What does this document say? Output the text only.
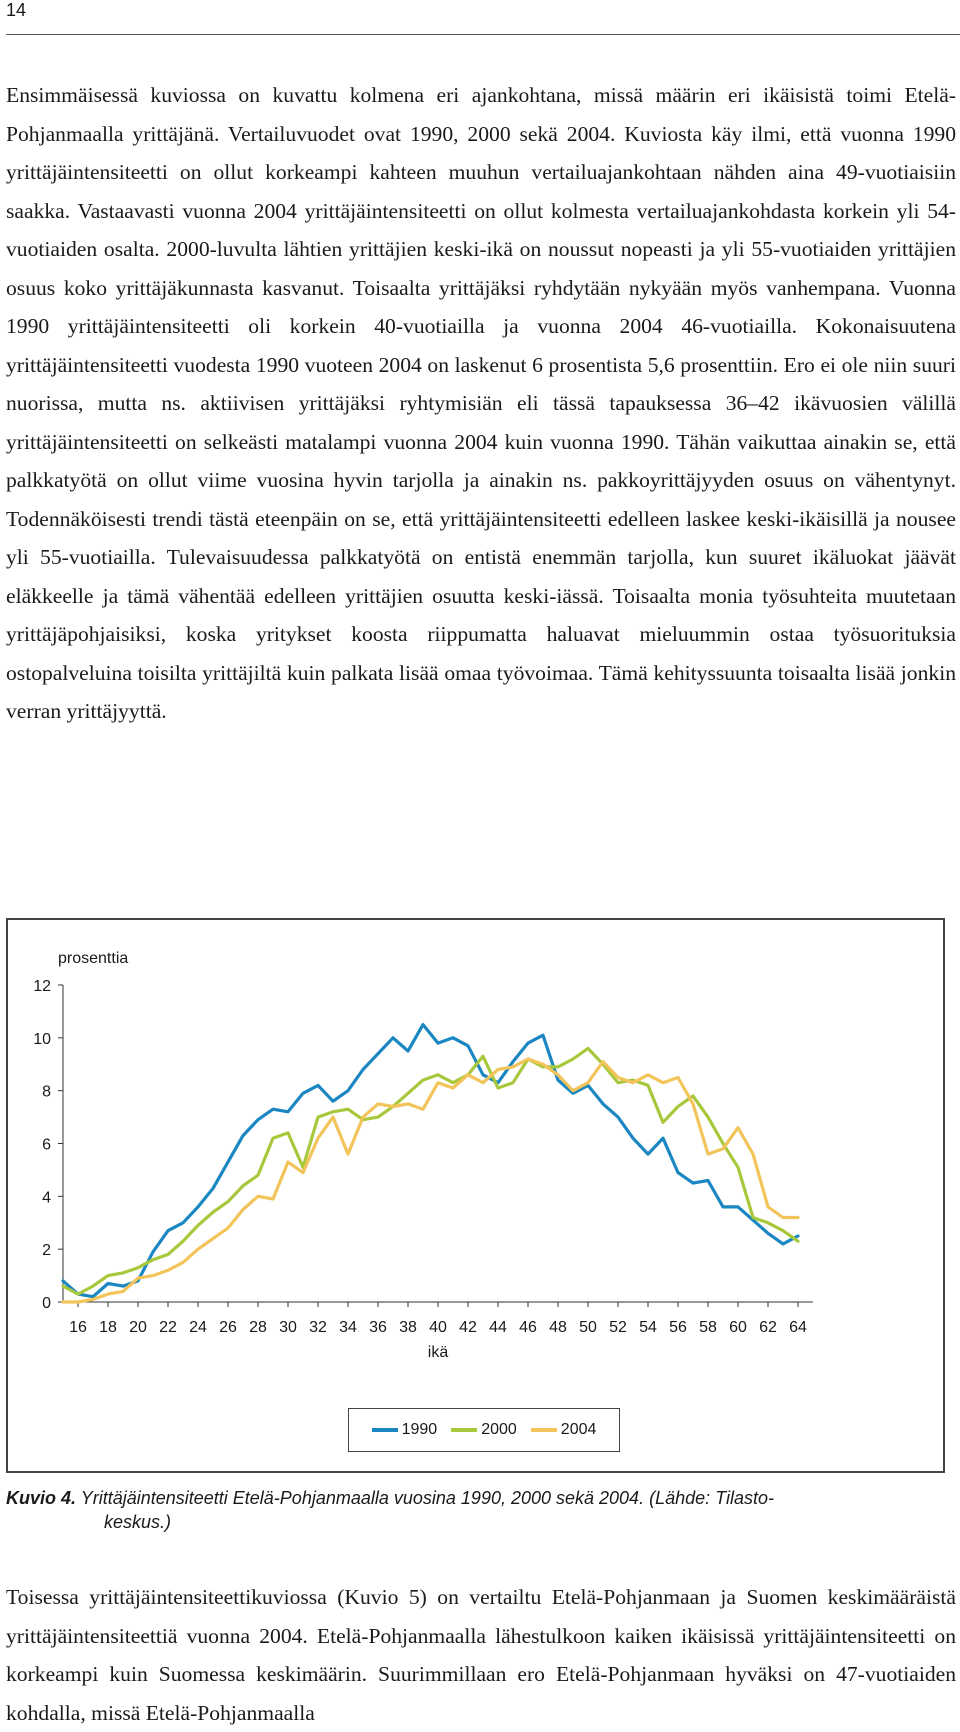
14

Ensimmäisessä kuviossa on kuvattu kolmena eri ajankohtana, missä määrin eri ikäisistä toimi Etelä-Pohjanmaalla yrittäjänä. Vertailuvuodet ovat 1990, 2000 sekä 2004. Kuviosta käy ilmi, että vuonna 1990 yrittäjäintensiteetti on ollut korkeampi kahteen muuhun vertailuajankohtaan nähden aina 49-vuotiaisiin saakka. Vastaavasti vuonna 2004 yrittäjäintensiteetti on ollut kolmesta vertailuajankohdasta korkein yli 54-vuotiaiden osalta. 2000-luvulta lähtien yrittäjien keski-ikä on noussut nopeasti ja yli 55-vuotiaiden yrittäjien osuus koko yrittäjäkunnasta kasvanut. Toisaalta yrittäjäksi ryhdytään nykyään myös vanhempana. Vuonna 1990 yrittäjäintensiteetti oli korkein 40-vuotiailla ja vuonna 2004 46-vuotiailla. Kokonaisuutena yrittäjäintensiteetti vuodesta 1990 vuoteen 2004 on laskenut 6 prosentista 5,6 prosenttiin. Ero ei ole niin suuri nuorissa, mutta ns. aktiivisen yrittäjäksi ryhtymisiän eli tässä tapauksessa 36–42 ikävuosien välillä yrittäjäintensiteetti on selkeästi matalampi vuonna 2004 kuin vuonna 1990. Tähän vaikuttaa ainakin se, että palkkatyötä on ollut viime vuosina hyvin tarjolla ja ainakin ns. pakkoyrittäjyyden osuus on vähentynyt. Todennäköisesti trendi tästä eteenpäin on se, että yrittäjäintensiteetti edelleen laskee keski-ikäisillä ja nousee yli 55-vuotiailla. Tulevaisuudessa palkkatyötä on entistä enemmän tarjolla, kun suuret ikäluokat jäävät eläkkeelle ja tämä vähentää edelleen yrittäjien osuutta keski-iässä. Toisaalta monia työsuhteita muutetaan yrittäjäpohjaisiksi, koska yritykset koosta riippumatta haluavat mieluummin ostaa työsuorituksia ostopalveluina toisilta yrittäjiltä kuin palkata lisää omaa työvoimaa. Tämä kehityssuunta toisaalta lisää jonkin verran yrittäjyyttä.

0
2
4
6
8
10
12
16 18 20 22 24 26 28 30 32 34 36 38 40 42 44 46 48 50 52 54 56 58 60 62 64
prosenttia
ikä
1990	2000	2004
Kuvio 4. Yrittäjäintensiteetti Etelä-Pohjanmaalla vuosina 1990, 2000 sekä 2004. (Lähde: Tilasto-
keskus.)

Toisessa yrittäjäintensiteettikuviossa (Kuvio 5) on vertailtu Etelä-Pohjanmaan ja Suomen keskimääräistä yrittäjäintensiteettiä vuonna 2004. Etelä-Pohjanmaalla lähestulkoon kaiken ikäisissä yrittäjäintensiteetti on korkeampi kuin Suomessa keskimäärin. Suurimmillaan ero Etelä-Pohjanmaan hyväksi on 47-vuotiaiden kohdalla, missä Etelä-Pohjanmaalla
